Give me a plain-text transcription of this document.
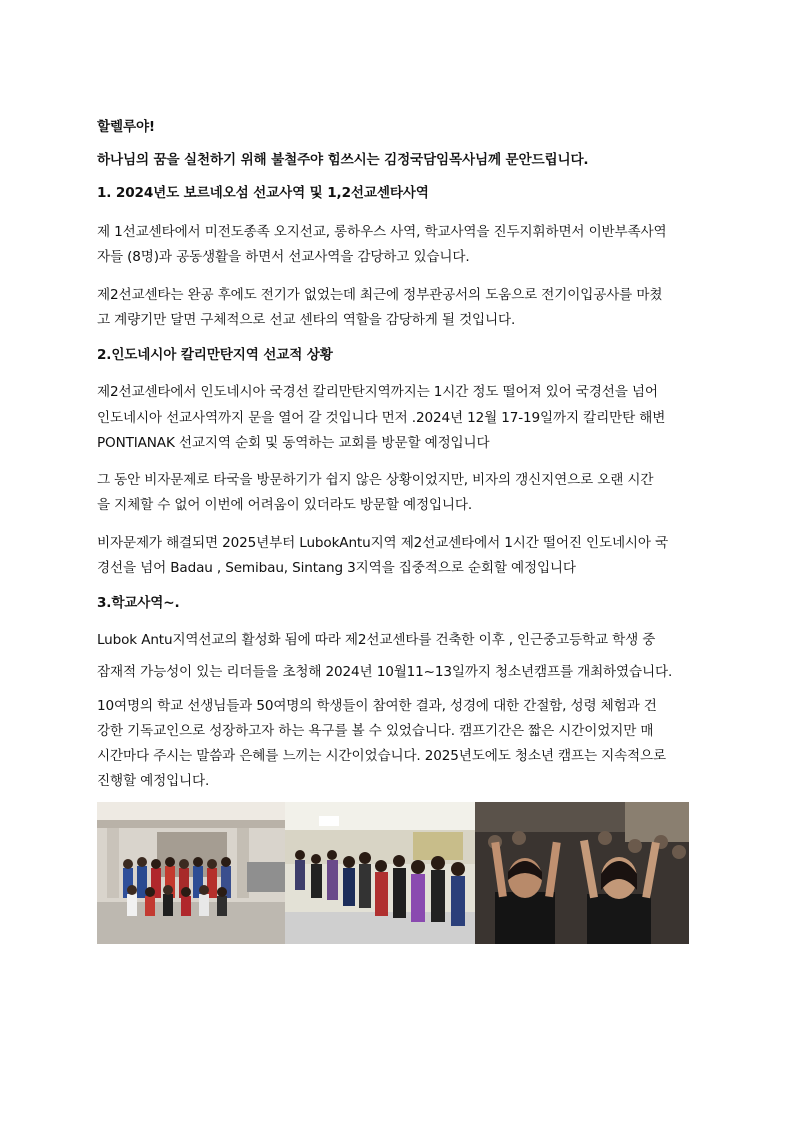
할렐루야!

하나님의 꿈을 실천하기 위해 불철주야 힘쓰시는 김정국담임목사님께 문안드립니다.

1. 2024년도 보르네오섬 선교사역 및 1,2선교센타사역

제 1선교센타에서 미전도종족 오지선교, 롱하우스 사역, 학교사역을 진두지휘하면서 이반부족사역

자들 (8명)과 공동생활을 하면서 선교사역을 감당하고 있습니다.

제2선교센타는 완공 후에도 전기가 없었는데 최근에 정부관공서의 도움으로 전기이입공사를 마쳤

고 계량기만 달면 구체적으로 선교 센타의 역할을 감당하게 될 것입니다.

2.인도네시아 칼리만탄지역 선교적 상황

제2선교센타에서 인도네시아 국경선 칼리만탄지역까지는 1시간 정도 떨어져 있어 국경선을 넘어

인도네시아 선교사역까지 문을 열어 갈 것입니다 먼저 .2024년 12월 17-19일까지 칼리만탄 해변

PONTIANAK 선교지역 순회 및 동역하는 교회를 방문할 예정입니다

그 동안 비자문제로 타국을 방문하기가 쉽지 않은 상황이었지만, 비자의 갱신지연으로 오랜 시간

을 지체할 수 없어 이번에 어려움이 있더라도 방문할 예정입니다.

비자문제가 해결되면 2025년부터 LubokAntu지역 제2선교센타에서 1시간 떨어진 인도네시아 국

경선을 넘어 Badau , Semibau, Sintang 3지역을 집중적으로 순회할 예정입니다

3.학교사역~.

Lubok Antu지역선교의 활성화 됨에 따라 제2선교센타를 건축한 이후 , 인근중고등학교 학생 중

잠재적 가능성이 있는 리더들을 초청해 2024년 10월11~13일까지 청소년캠프를 개최하였습니다.

10여명의 학교 선생님들과 50여명의 학생들이 참여한 결과, 성경에 대한 간절함, 성령 체험과 건

강한 기독교인으로 성장하고자 하는 욕구를 볼 수 있었습니다. 캠프기간은 짧은 시간이었지만 매

시간마다 주시는 말씀과 은혜를 느끼는 시간이었습니다. 2025년도에도 청소년 캠프는 지속적으로

진행할 예정입니다.
